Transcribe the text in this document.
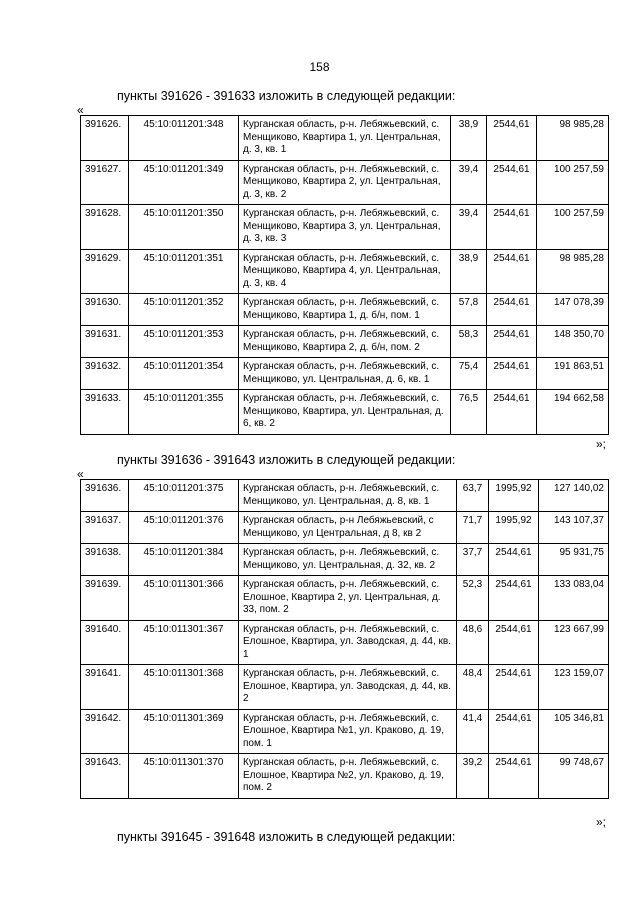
158
пункты 391626 - 391633 изложить в следующей редакции:
«
391626.	45:10:011201:348	Курганская область, р-н. Лебяжьевский, с. Менщиково, Квартира 1, ул. Центральная, д. 3, кв. 1	38,9	2544,61	98 985,28
391627.	45:10:011201:349	Курганская область, р-н. Лебяжьевский, с. Менщиково, Квартира 2, ул. Центральная, д. 3, кв. 2	39,4	2544,61	100 257,59
391628.	45:10:011201:350	Курганская область, р-н. Лебяжьевский, с. Менщиково, Квартира 3, ул. Центральная, д. 3, кв. 3	39,4	2544,61	100 257,59
391629.	45:10:011201:351	Курганская область, р-н. Лебяжьевский, с. Менщиково, Квартира 4, ул. Центральная, д. 3, кв. 4	38,9	2544,61	98 985,28
391630.	45:10:011201:352	Курганская область, р-н. Лебяжьевский, с. Менщиково, Квартира 1, д. б/н, пом. 1	57,8	2544,61	147 078,39
391631.	45:10:011201:353	Курганская область, р-н. Лебяжьевский, с. Менщиково, Квартира 2, д. б/н, пом. 2	58,3	2544,61	148 350,70
391632.	45:10:011201:354	Курганская область, р-н. Лебяжьевский, с. Менщиково, ул. Центральная, д. 6, кв. 1	75,4	2544,61	191 863,51
391633.	45:10:011201:355	Курганская область, р-н. Лебяжьевский, с. Менщиково, Квартира, ул. Центральная, д. 6, кв. 2	76,5	2544,61	194 662,58
»;
пункты 391636 - 391643 изложить в следующей редакции:
«
391636.	45:10:011201:375	Курганская область, р-н. Лебяжьевский, с. Менщиково, ул. Центральная, д. 8, кв. 1	63,7	1995,92	127 140,02
391637.	45:10:011201:376	Курганская область, р-н Лебяжьевский, с Менщиково, ул Центральная, д 8, кв 2	71,7	1995,92	143 107,37
391638.	45:10:011201:384	Курганская область, р-н. Лебяжьевский, с. Менщиково, ул. Центральная, д. 32, кв. 2	37,7	2544,61	95 931,75
391639.	45:10:011301:366	Курганская область, р-н. Лебяжьевский, с. Елошное, Квартира 2, ул. Центральная, д. 33, пом. 2	52,3	2544,61	133 083,04
391640.	45:10:011301:367	Курганская область, р-н. Лебяжьевский, с. Елошное, Квартира, ул. Заводская, д. 44, кв. 1	48,6	2544,61	123 667,99
391641.	45:10:011301:368	Курганская область, р-н. Лебяжьевский, с. Елошное, Квартира, ул. Заводская, д. 44, кв. 2	48,4	2544,61	123 159,07
391642.	45:10:011301:369	Курганская область, р-н. Лебяжьевский, с. Елошное, Квартира №1, ул. Краково, д. 19, пом. 1	41,4	2544,61	105 346,81
391643.	45:10:011301:370	Курганская область, р-н. Лебяжьевский, с. Елошное, Квартира №2, ул. Краково, д. 19, пом. 2	39,2	2544,61	99 748,67
»;
пункты 391645 - 391648 изложить в следующей редакции:
